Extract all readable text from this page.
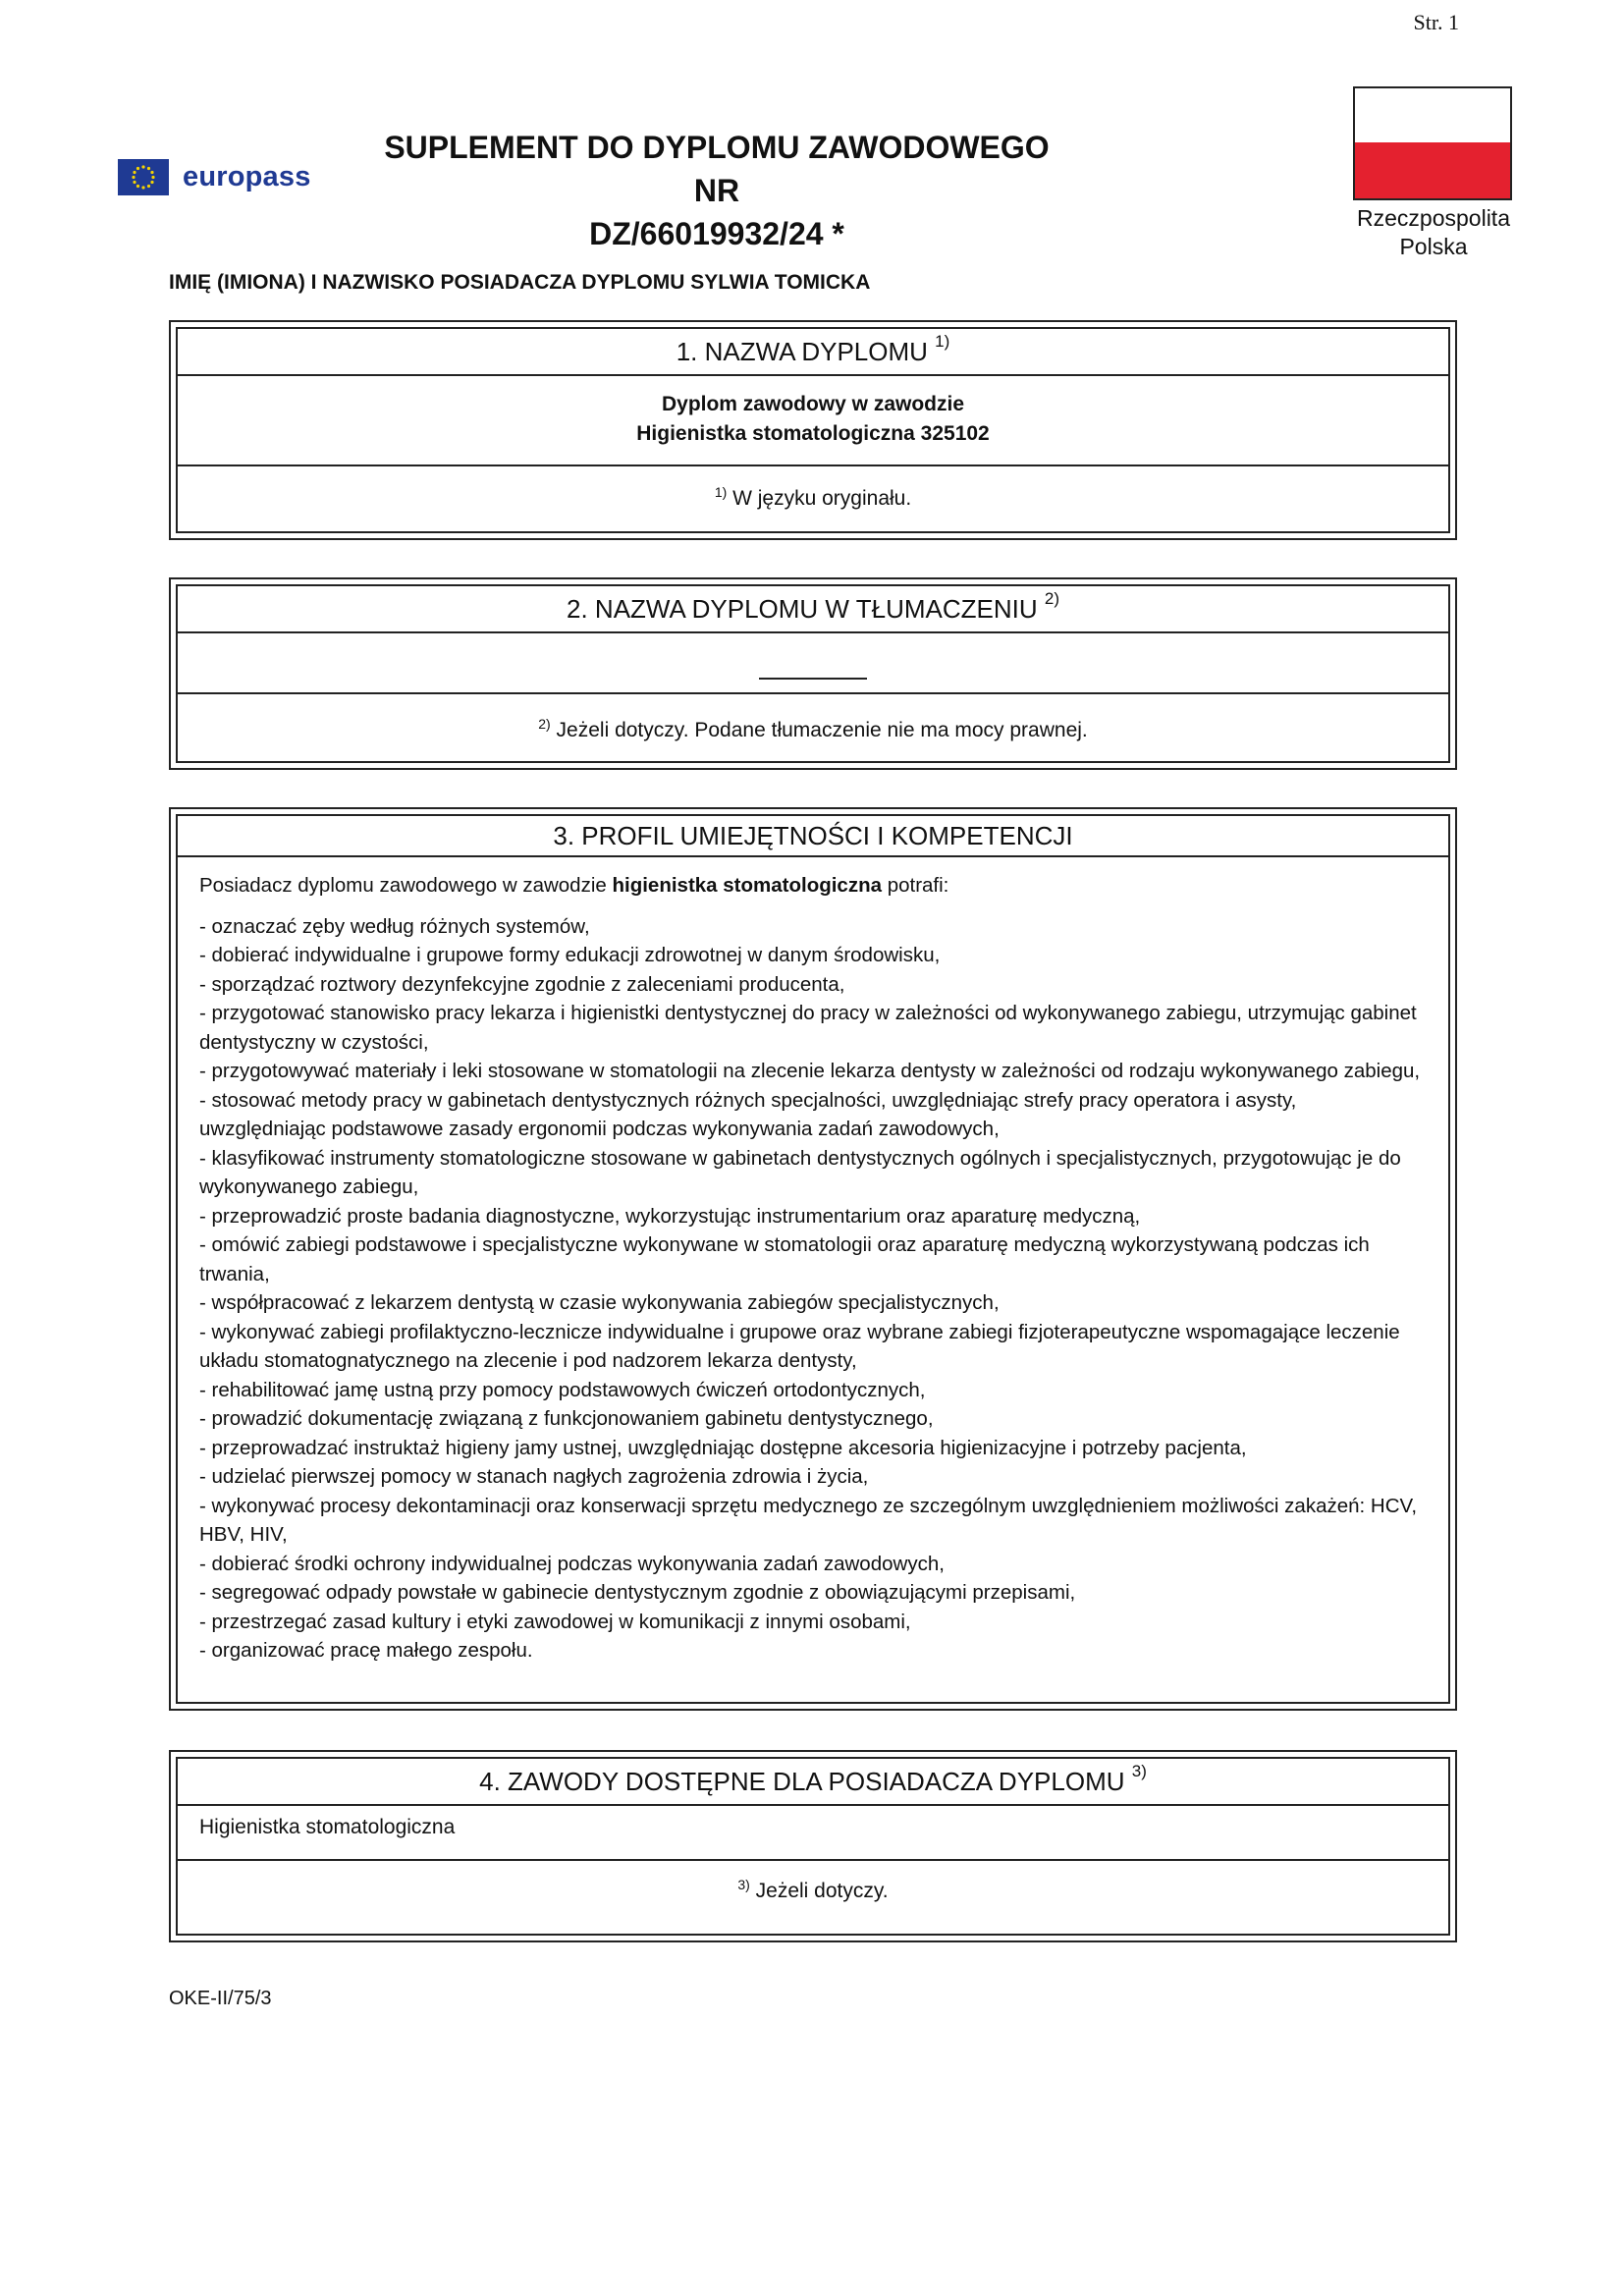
Str. 1
europass
SUPLEMENT DO DYPLOMU ZAWODOWEGO NR
DZ/66019932/24 *	Rzeczpospolita
Polska
IMIĘ (IMIONA) I NAZWISKO POSIADACZA DYPLOMU SYLWIA TOMICKA
1. NAZWA DYPLOMU $^{1)}$
Dyplom zawodowy w zawodzie
Higienistka stomatologiczna 325102
$^{1)}$ W języku oryginału.
2. NAZWA DYPLOMU W TŁUMACZENIU $^{2)}$
$^{2)}$ Jeżeli dotyczy. Podane tłumaczenie nie ma mocy prawnej.
3. PROFIL UMIEJĘTNOŚCI I KOMPETENCJI
Posiadacz dyplomu zawodowego w zawodzie higienistka stomatologiczna potrafi:
- oznaczać zęby według różnych systemów,
- dobierać indywidualne i grupowe formy edukacji zdrowotnej w danym środowisku,
- sporządzać roztwory dezynfekcyjne zgodnie z zaleceniami producenta,
- przygotować stanowisko pracy lekarza i higienistki dentystycznej do pracy w zależności od wykonywanego zabiegu, utrzymując gabinet dentystyczny w czystości,
- przygotowywać materiały i leki stosowane w stomatologii na zlecenie lekarza dentysty w zależności od rodzaju wykonywanego zabiegu,
- stosować metody pracy w gabinetach dentystycznych różnych specjalności, uwzględniając strefy pracy operatora i asysty, uwzględniając podstawowe zasady ergonomii podczas wykonywania zadań zawodowych,
- klasyfikować instrumenty stomatologiczne stosowane w gabinetach dentystycznych ogólnych i specjalistycznych, przygotowując je do wykonywanego zabiegu,
- przeprowadzić proste badania diagnostyczne, wykorzystując instrumentarium oraz aparaturę medyczną,
- omówić zabiegi podstawowe i specjalistyczne wykonywane w stomatologii oraz aparaturę medyczną wykorzystywaną podczas ich trwania,
- współpracować z lekarzem dentystą w czasie wykonywania zabiegów specjalistycznych,
- wykonywać zabiegi profilaktyczno-lecznicze indywidualne i grupowe oraz wybrane zabiegi fizjoterapeutyczne wspomagające leczenie układu stomatognatycznego na zlecenie i pod nadzorem lekarza dentysty,
- rehabilitować jamę ustną przy pomocy podstawowych ćwiczeń ortodontycznych,
- prowadzić dokumentację związaną z funkcjonowaniem gabinetu dentystycznego,
- przeprowadzać instruktaż higieny jamy ustnej, uwzględniając dostępne akcesoria higienizacyjne i potrzeby pacjenta,
- udzielać pierwszej pomocy w stanach nagłych zagrożenia zdrowia i życia,
- wykonywać procesy dekontaminacji oraz konserwacji sprzętu medycznego ze szczególnym uwzględnieniem możliwości zakażeń: HCV, HBV, HIV,
- dobierać środki ochrony indywidualnej podczas wykonywania zadań zawodowych,
- segregować odpady powstałe w gabinecie dentystycznym zgodnie z obowiązującymi przepisami,
- przestrzegać zasad kultury i etyki zawodowej w komunikacji z innymi osobami,
- organizować pracę małego zespołu.
4. ZAWODY DOSTĘPNE DLA POSIADACZA DYPLOMU $^{3)}$
Higienistka stomatologiczna
$^{3)}$ Jeżeli dotyczy.
OKE-II/75/3
